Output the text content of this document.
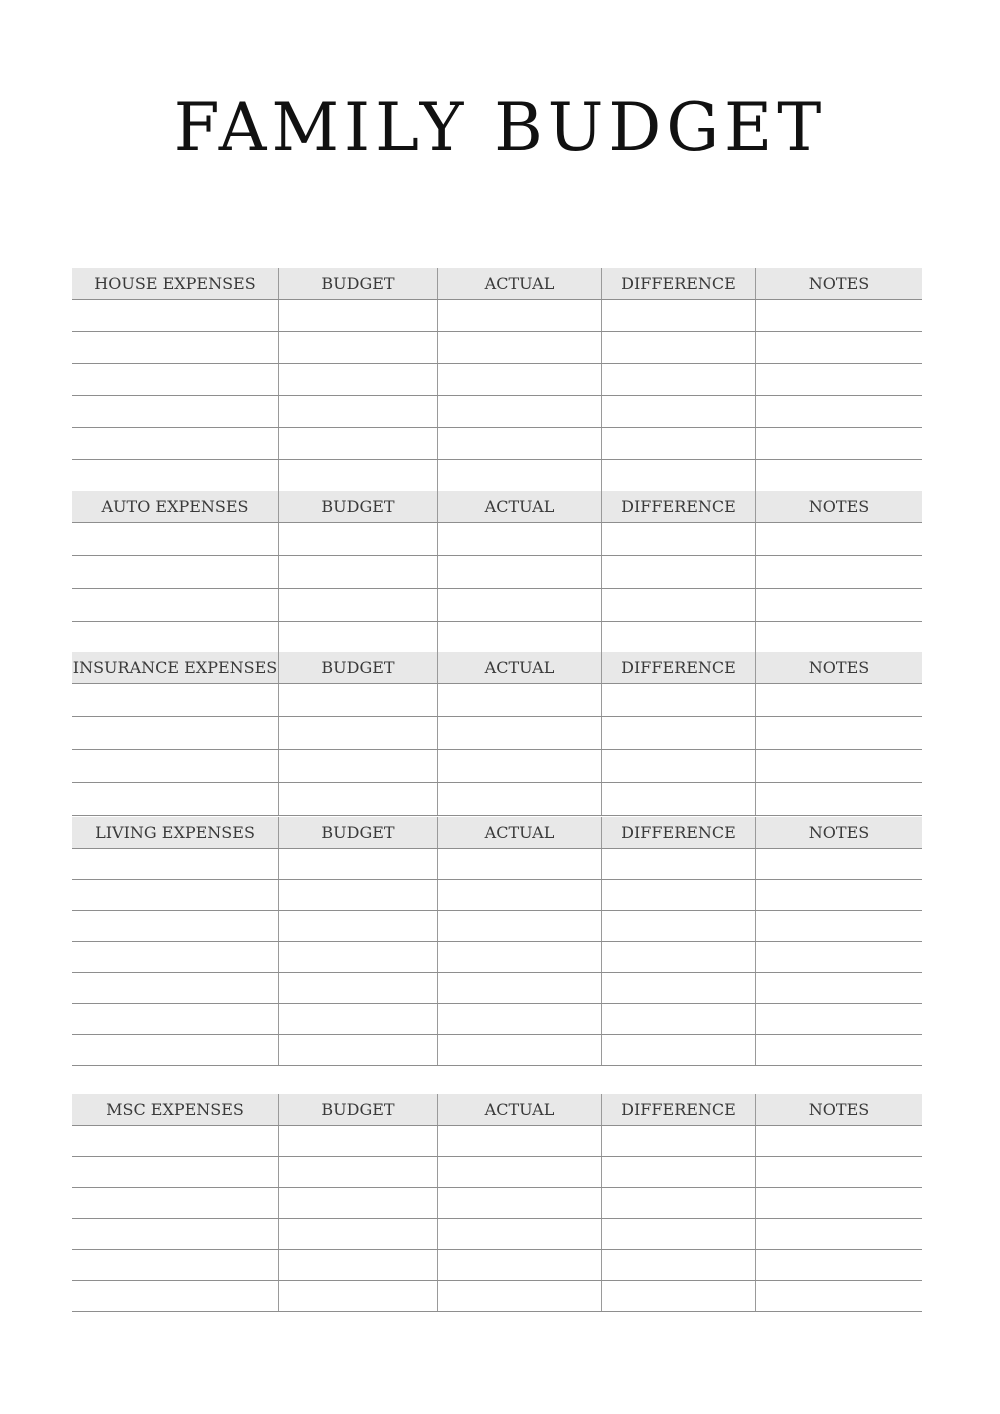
FAMILY BUDGET
HOUSE EXPENSES	BUDGET	ACTUAL	DIFFERENCE	NOTES
AUTO EXPENSES	BUDGET	ACTUAL	DIFFERENCE	NOTES
INSURANCE EXPENSES	BUDGET	ACTUAL	DIFFERENCE	NOTES
LIVING EXPENSES	BUDGET	ACTUAL	DIFFERENCE	NOTES
MSC EXPENSES	BUDGET	ACTUAL	DIFFERENCE	NOTES
